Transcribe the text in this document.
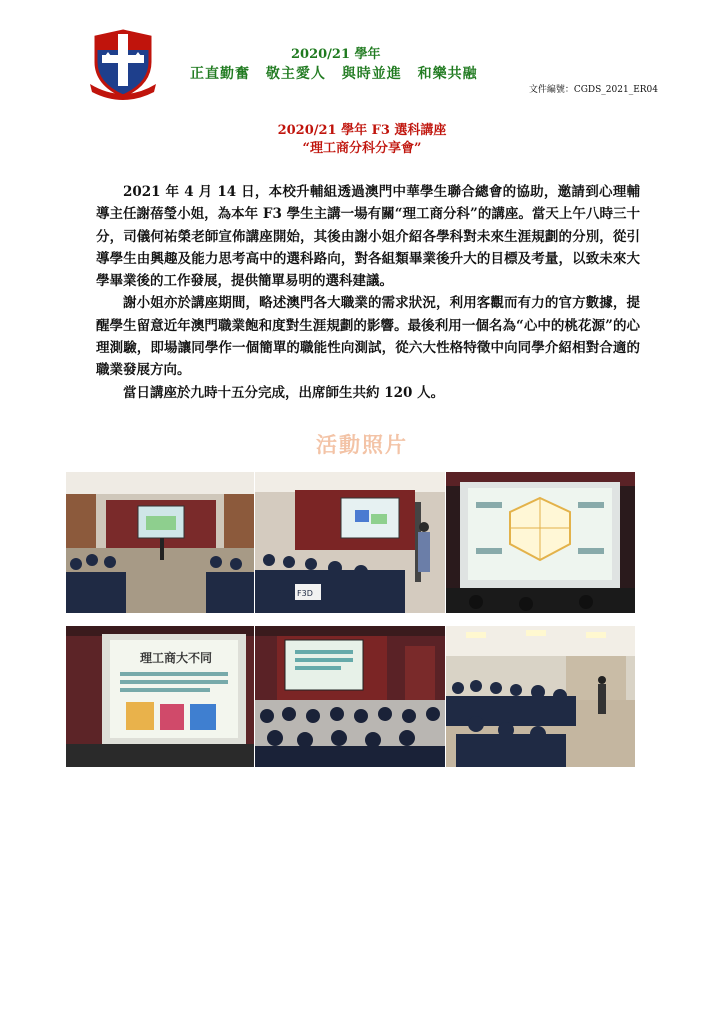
2020/21 學年
正直勤奮 敬主愛人 與時並進 和樂共融
文件編號：CGDS_2021_ER04
2020/21 學年 F3 選科講座
“理工商分科分享會”

2021 年 4 月 14 日，本校升輔組透過澳門中華學生聯合總會的協助，邀請到心理輔導主任謝蓓瑩小姐，為本年 F3 學生主講一場有關“理工商分科”的講座。當天上午八時三十分，司儀何祐榮老師宣佈講座開始，其後由謝小姐介紹各學科對未來生涯規劃的分別，從引導學生由興趣及能力思考高中的選科路向，對各組類畢業後升大的目標及考量，以致未來大學畢業後的工作發展，提供簡單易明的選科建議。

謝小姐亦於講座期間，略述澳門各大職業的需求狀況，利用客觀而有力的官方數據，提醒學生留意近年澳門職業飽和度對生涯規劃的影響。最後利用一個名為“心中的桃花源”的心理測驗，即場讓同學作一個簡單的職能性向測試，從六大性格特徵中向同學介紹相對合適的職業發展方向。

當日講座於九時十五分完成，出席師生共約 120 人。

活動照片
F3D
理工商大不同
